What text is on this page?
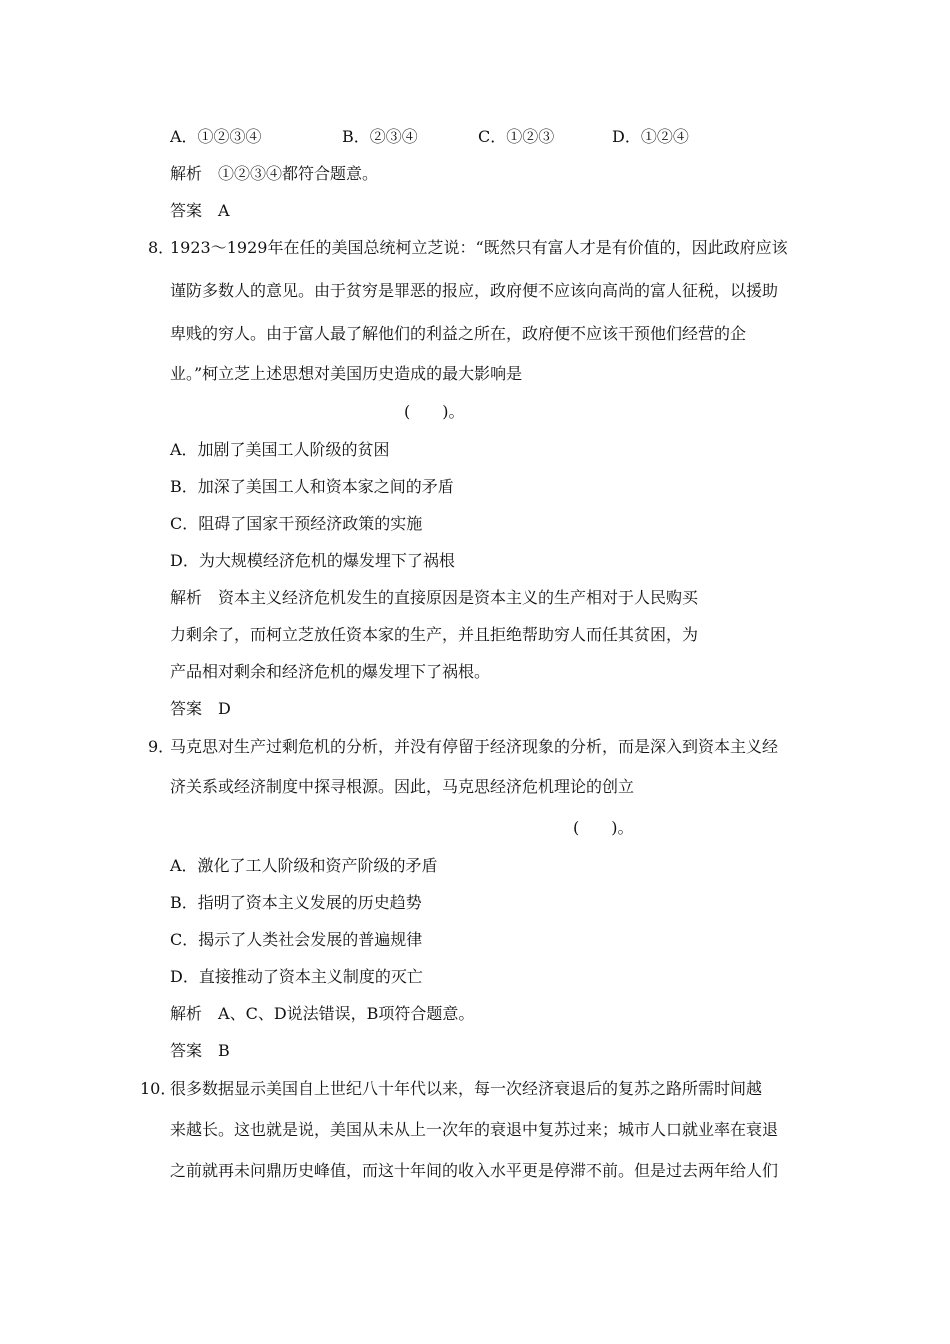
A．①②③④	B．②③④	C．①②③	D．①②④
解析 ①②③④都符合题意。
答案 A
8．
1923～1929年在任的美国总统柯立芝说：“既然只有富人才是有价值的，因此政府应该
谨防多数人的意见。由于贫穷是罪恶的报应，政府便不应该向高尚的富人征税，以援助
卑贱的穷人。由于富人最了解他们的利益之所在，政府便不应该干预他们经营的企
业。”柯立芝上述思想对美国历史造成的最大影响是
(　　)。
A．加剧了美国工人阶级的贫困
B．加深了美国工人和资本家之间的矛盾
C．阻碍了国家干预经济政策的实施
D．为大规模经济危机的爆发埋下了祸根
解析 资本主义经济危机发生的直接原因是资本主义的生产相对于人民购买
力剩余了，而柯立芝放任资本家的生产，并且拒绝帮助穷人而任其贫困，为
产品相对剩余和经济危机的爆发埋下了祸根。
答案 D
9．
马克思对生产过剩危机的分析，并没有停留于经济现象的分析，而是深入到资本主义经
济关系或经济制度中探寻根源。因此，马克思经济危机理论的创立
(　　)。
A．激化了工人阶级和资产阶级的矛盾
B．指明了资本主义发展的历史趋势
C．揭示了人类社会发展的普遍规律
D．直接推动了资本主义制度的灭亡
解析 A、C、D说法错误，B项符合题意。
答案 B
10．
很多数据显示美国自上世纪八十年代以来，每一次经济衰退后的复苏之路所需时间越
来越长。这也就是说，美国从未从上一次年的衰退中复苏过来；城市人口就业率在衰退
之前就再未问鼎历史峰值，而这十年间的收入水平更是停滞不前。但是过去两年给人们
